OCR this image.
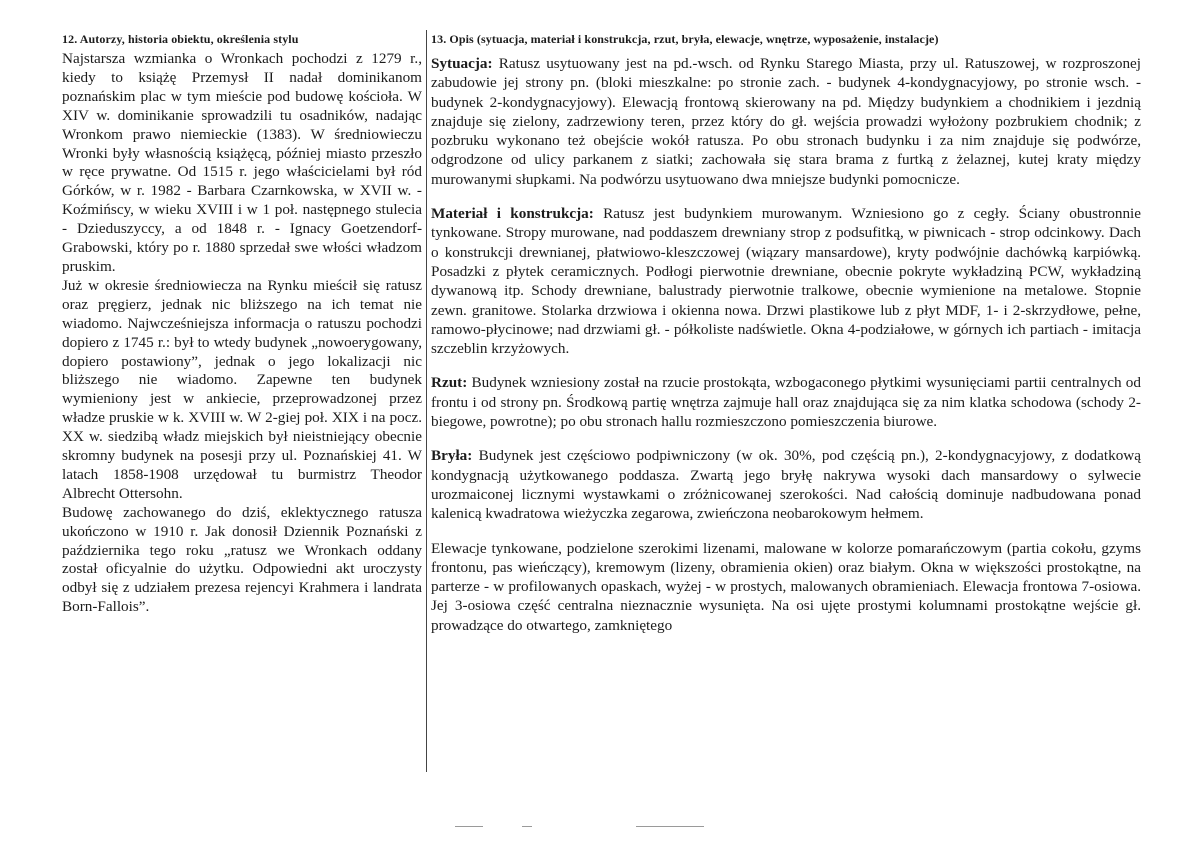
12. Autorzy, historia obiektu, określenia stylu

Najstarsza wzmianka o Wronkach pochodzi z 1279 r., kiedy to książę Przemysł II nadał dominikanom poznańskim plac w tym mieście pod budowę kościoła. W XIV w. dominikanie sprowadzili tu osadników, nadając Wronkom prawo niemieckie (1383). W średniowieczu Wronki były własnością książęcą, później miasto przeszło w ręce prywatne. Od 1515 r. jego właścicielami był ród Górków, w r. 1982 - Barbara Czarnkowska, w XVII w. - Koźmińscy, w wieku XVIII i w 1 poł. następnego stulecia - Dzieduszyccy, a od 1848 r. - Ignacy Goetzendorf-Grabowski, który po r. 1880 sprzedał swe włości władzom pruskim.

Już w okresie średniowiecza na Rynku mieścił się ratusz oraz pręgierz, jednak nic bliższego na ich temat nie wiadomo. Najwcześniejsza informacja o ratuszu pochodzi dopiero z 1745 r.: był to wtedy budynek „nowoerygowany, dopiero postawiony”, jednak o jego lokalizacji nic bliższego nie wiadomo. Zapewne ten budynek wymieniony jest w ankiecie, przeprowadzonej przez władze pruskie w k. XVIII w. W 2-giej poł. XIX i na pocz. XX w. siedzibą władz miejskich był nieistniejący obecnie skromny budynek na posesji przy ul. Poznańskiej 41. W latach 1858-1908 urzędował tu burmistrz Theodor Albrecht Ottersohn.

Budowę zachowanego do dziś, eklektycznego ratusza ukończono w 1910 r. Jak donosił Dziennik Poznański z października tego roku „ratusz we Wronkach oddany został oficyalnie do użytku. Odpowiedni akt uroczysty odbył się z udziałem prezesa rejencyi Krahmera i landrata Born-Fallois”.

13. Opis (sytuacja, materiał i konstrukcja, rzut, bryła, elewacje, wnętrze, wyposażenie, instalacje)

Sytuacja: Ratusz usytuowany jest na pd.-wsch. od Rynku Starego Miasta, przy ul. Ratuszowej, w rozproszonej zabudowie jej strony pn. (bloki mieszkalne: po stronie zach. - budynek 4-kondygnacyjowy, po stronie wsch. - budynek 2-kondygnacyjowy). Elewacją frontową skierowany na pd. Między budynkiem a chodnikiem i jezdnią znajduje się zielony, zadrzewiony teren, przez który do gł. wejścia prowadzi wyłożony pozbrukiem chodnik; z pozbruku wykonano też obejście wokół ratusza. Po obu stronach budynku i za nim znajduje się podwórze, odgrodzone od ulicy parkanem z siatki; zachowała się stara brama z furtką z żelaznej, kutej kraty między murowanymi słupkami. Na podwórzu usytuowano dwa mniejsze budynki pomocnicze.

Materiał i konstrukcja: Ratusz jest budynkiem murowanym. Wzniesiono go z cegły. Ściany obustronnie tynkowane. Stropy murowane, nad poddaszem drewniany strop z podsufitką, w piwnicach - strop odcinkowy. Dach o konstrukcji drewnianej, płatwiowo-kleszczowej (wiązary mansardowe), kryty podwójnie dachówką karpiówką. Posadzki z płytek ceramicznych. Podłogi pierwotnie drewniane, obecnie pokryte wykładziną PCW, wykładziną dywanową itp. Schody drewniane, balustrady pierwotnie tralkowe, obecnie wymienione na metalowe. Stopnie zewn. granitowe. Stolarka drzwiowa i okienna nowa. Drzwi plastikowe lub z płyt MDF, 1- i 2-skrzydłowe, pełne, ramowo-płycinowe; nad drzwiami gł. - półkoliste nadświetle. Okna 4-podziałowe, w górnych ich partiach - imitacja szczeblin krzyżowych.

Rzut: Budynek wzniesiony został na rzucie prostokąta, wzbogaconego płytkimi wysunięciami partii centralnych od frontu i od strony pn. Środkową partię wnętrza zajmuje hall oraz znajdująca się za nim klatka schodowa (schody 2-biegowe, powrotne); po obu stronach hallu rozmieszczono pomieszczenia biurowe.

Bryła: Budynek jest częściowo podpiwniczony (w ok. 30%, pod częścią pn.), 2-kondygnacyjowy, z dodatkową kondygnacją użytkowanego poddasza. Zwartą jego bryłę nakrywa wysoki dach mansardowy o sylwecie urozmaiconej licznymi wystawkami o zróżnicowanej szerokości. Nad całością dominuje nadbudowana ponad kalenicą kwadratowa wieżyczka zegarowa, zwieńczona neobarokowym hełmem.

Elewacje tynkowane, podzielone szerokimi lizenami, malowane w kolorze pomarańczowym (partia cokołu, gzyms frontonu, pas wieńczący), kremowym (lizeny, obramienia okien) oraz białym. Okna w większości prostokątne, na parterze - w profilowanych opaskach, wyżej - w prostych, malowanych obramieniach. Elewacja frontowa 7-osiowa. Jej 3-osiowa część centralna nieznacznie wysunięta. Na osi ujęte prostymi kolumnami prostokątne wejście gł. prowadzące do otwartego, zamkniętego
